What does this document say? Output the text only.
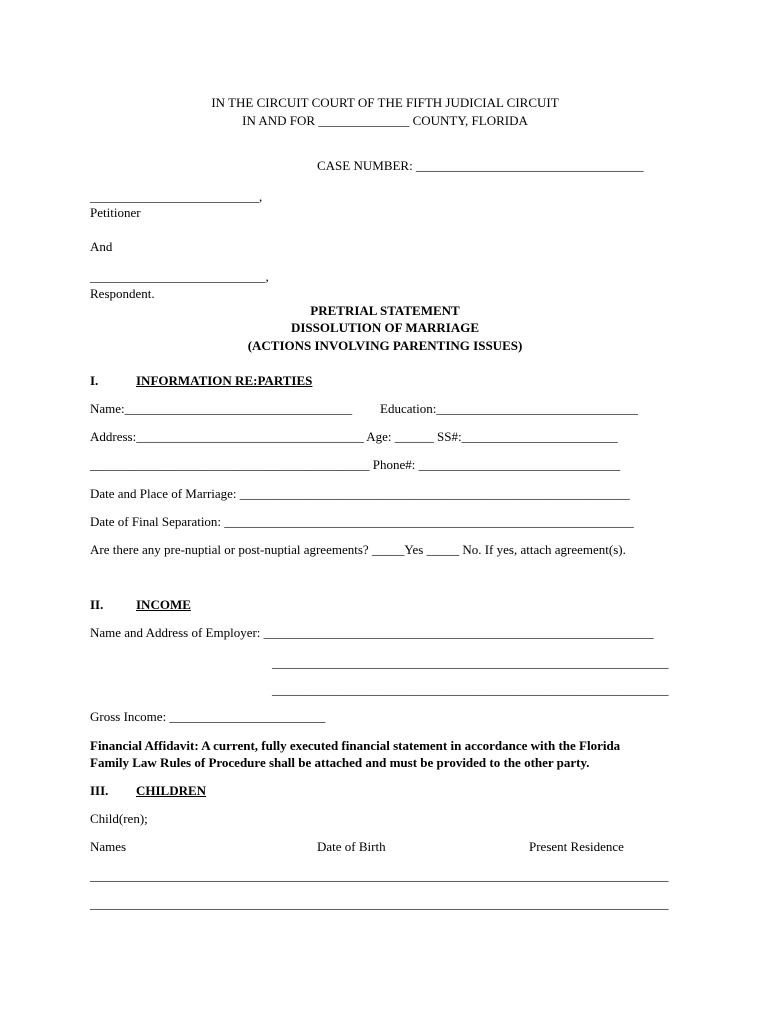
IN THE CIRCUIT COURT OF THE FIFTH JUDICIAL CIRCUIT
IN AND FOR ______________ COUNTY, FLORIDA
CASE NUMBER: ___________________________________
__________________________,
Petitioner
And
___________________________,
Respondent.
PRETRIAL STATEMENT
DISSOLUTION OF MARRIAGE
(ACTIONS INVOLVING PARENTING ISSUES)
I.	INFORMATION RE:PARTIES
Name:___________________________________ Education:_______________________________
Address:___________________________________ Age: ______ SS#:________________________
___________________________________________ Phone#: _______________________________
Date and Place of Marriage: ____________________________________________________________
Date of Final Separation: _______________________________________________________________
Are there any pre-nuptial or post-nuptial agreements? _____Yes _____ No. If yes, attach agreement(s).
II.	INCOME
Name and Address of Employer: ____________________________________________________________
_____________________________________________________________
_____________________________________________________________
Gross Income: ________________________
Financial Affidavit: A current, fully executed financial statement in accordance with the Florida
Family Law Rules of Procedure shall be attached and must be provided to the other party.
III. CHILDREN
Child(ren);
Names	Date of Birth	Present Residence
_________________________________________________________________________________________
_________________________________________________________________________________________
